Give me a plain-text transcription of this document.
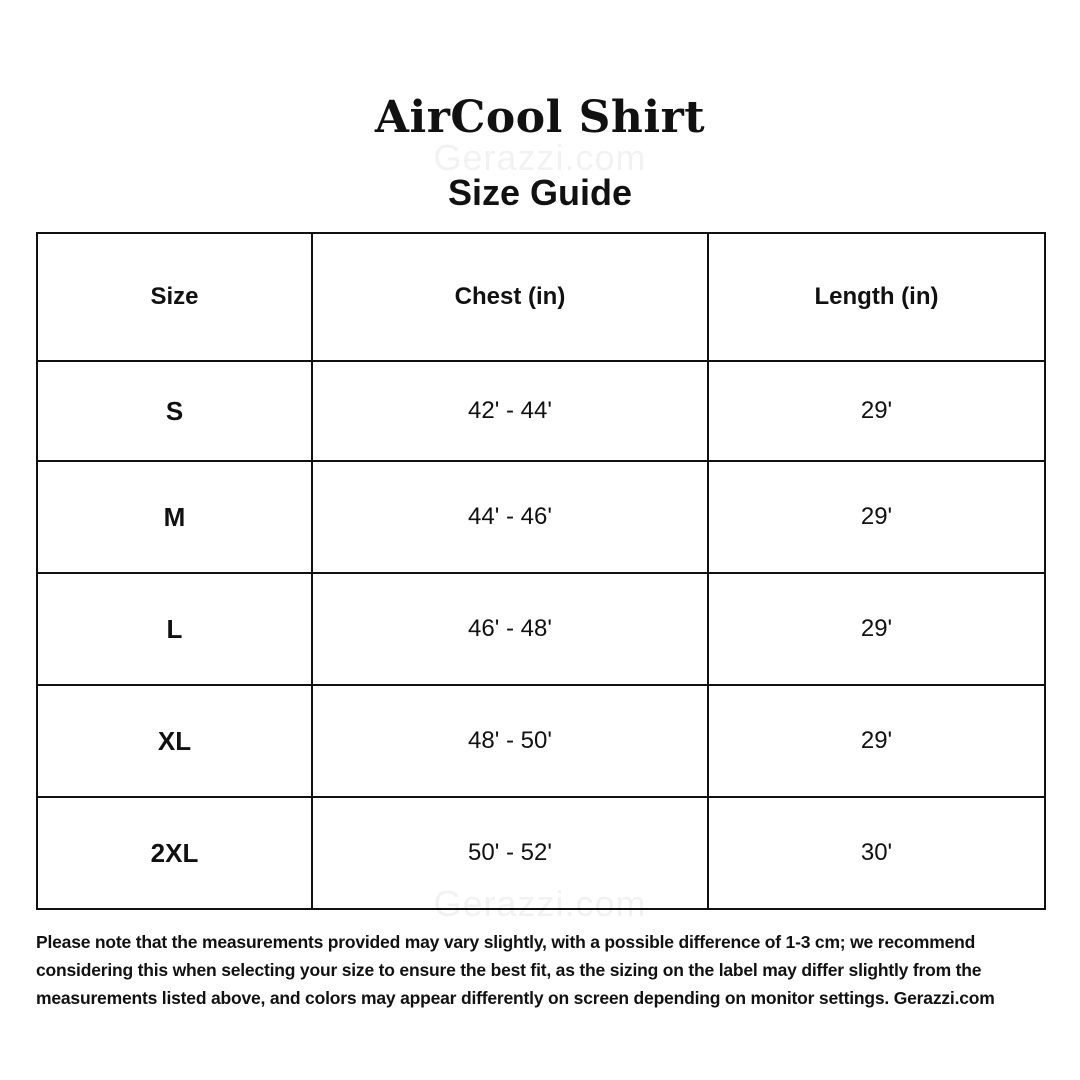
AirCool Shirt
Gerazzi.com
Size Guide
Size	Chest (in)	Length (in)
S	42' - 44'	29'
M	44' - 46'	29'
L	46' - 48'	29'
XL	48' - 50'	29'
2XL	50' - 52'	30'
Gerazzi.com
Please note that the measurements provided may vary slightly, with a possible difference of 1-3 cm; we recommend considering this when selecting your size to ensure the best fit, as the sizing on the label may differ slightly from the measurements listed above, and colors may appear differently on screen depending on monitor settings. Gerazzi.com
